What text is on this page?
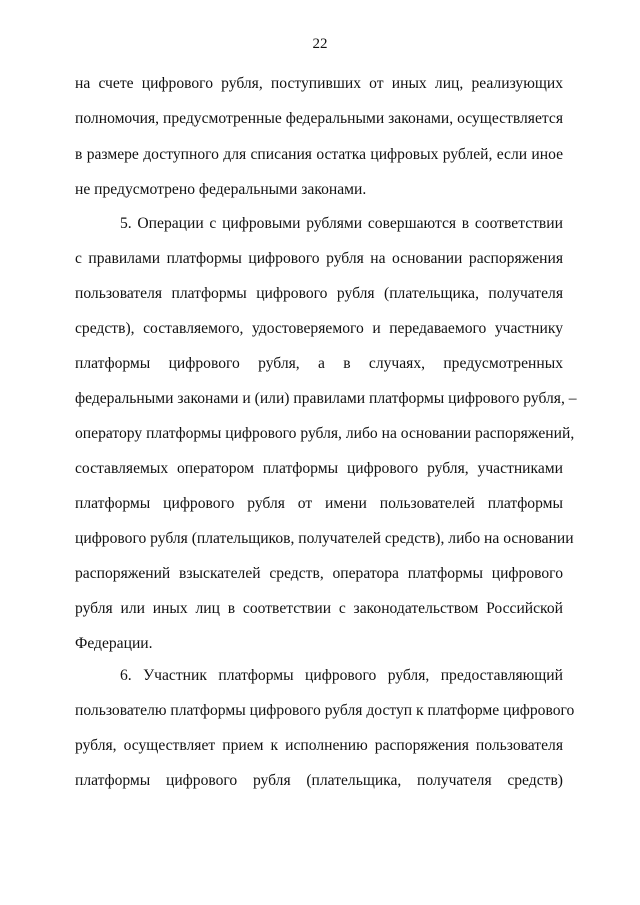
22
на счете цифрового рубля, поступивших от иных лиц, реализующих
полномочия, предусмотренные федеральными законами, осуществляется
в размере доступного для списания остатка цифровых рублей, если иное
не предусмотрено федеральными законами.
5. Операции с цифровыми рублями совершаются в соответствии
с правилами платформы цифрового рубля на основании распоряжения
пользователя платформы цифрового рубля (плательщика, получателя
средств), составляемого, удостоверяемого и передаваемого участнику
платформы цифрового рубля, а в случаях, предусмотренных
федеральными законами и (или) правилами платформы цифрового рубля, –
оператору платформы цифрового рубля, либо на основании распоряжений,
составляемых оператором платформы цифрового рубля, участниками
платформы цифрового рубля от имени пользователей платформы
цифрового рубля (плательщиков, получателей средств), либо на основании
распоряжений взыскателей средств, оператора платформы цифрового
рубля или иных лиц в соответствии с законодательством Российской
Федерации.
6. Участник платформы цифрового рубля, предоставляющий
пользователю платформы цифрового рубля доступ к платформе цифрового
рубля, осуществляет прием к исполнению распоряжения пользователя
платформы цифрового рубля (плательщика, получателя средств)
